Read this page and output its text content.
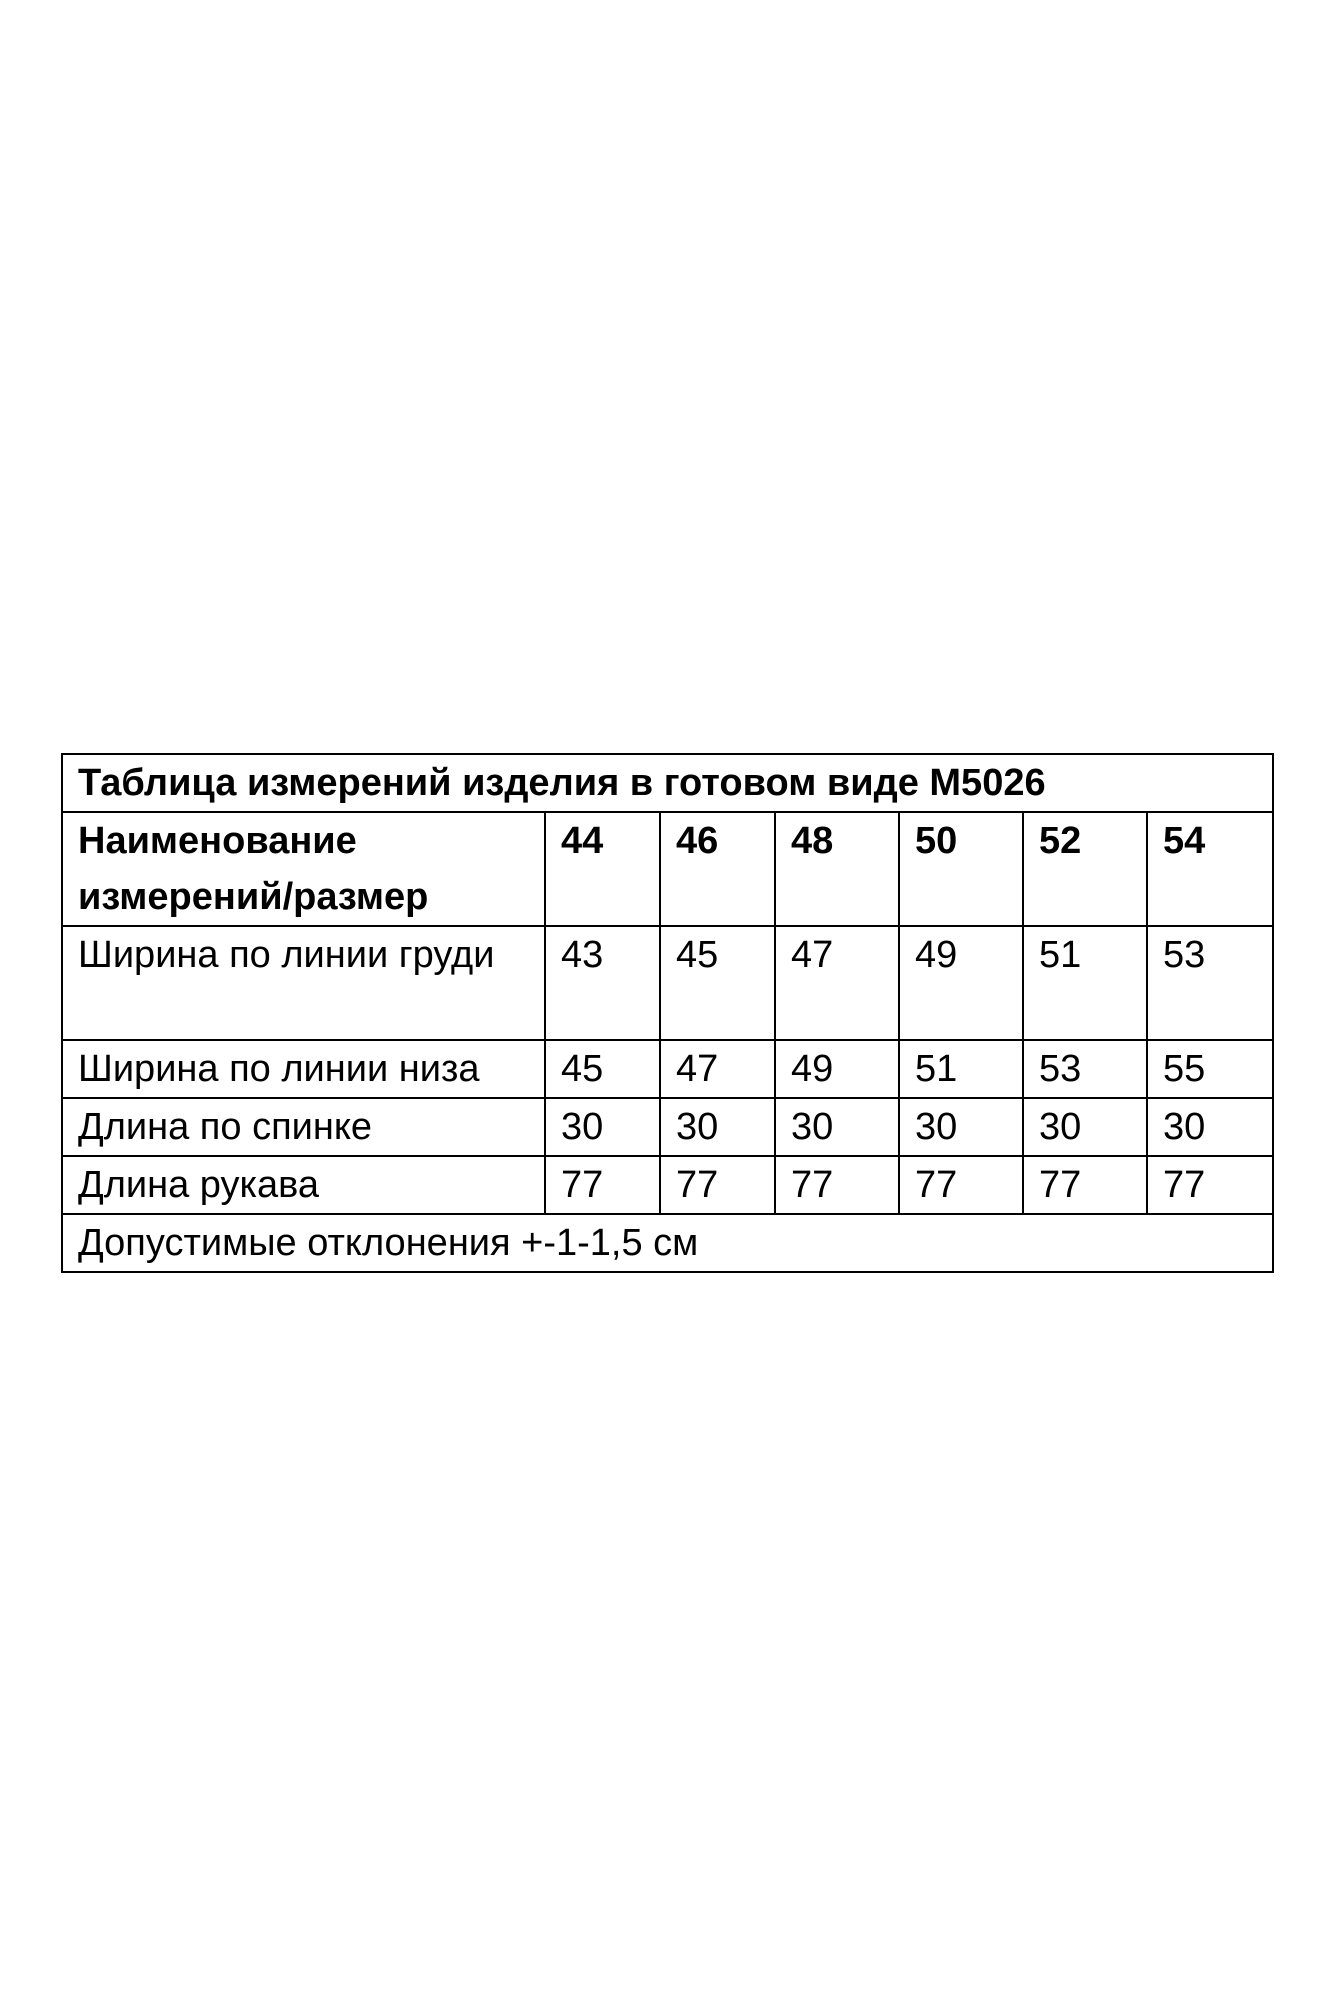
Таблица измерений изделия в готовом виде М5026						
Наименование измерений/размер	44	46	48	50	52	54
Ширина по линии груди	43	45	47	49	51	53
Ширина по линии низа	45	47	49	51	53	55
Длина по спинке	30	30	30	30	30	30
Длина рукава	77	77	77	77	77	77
Допустимые отклонения +-1-1,5 см						
